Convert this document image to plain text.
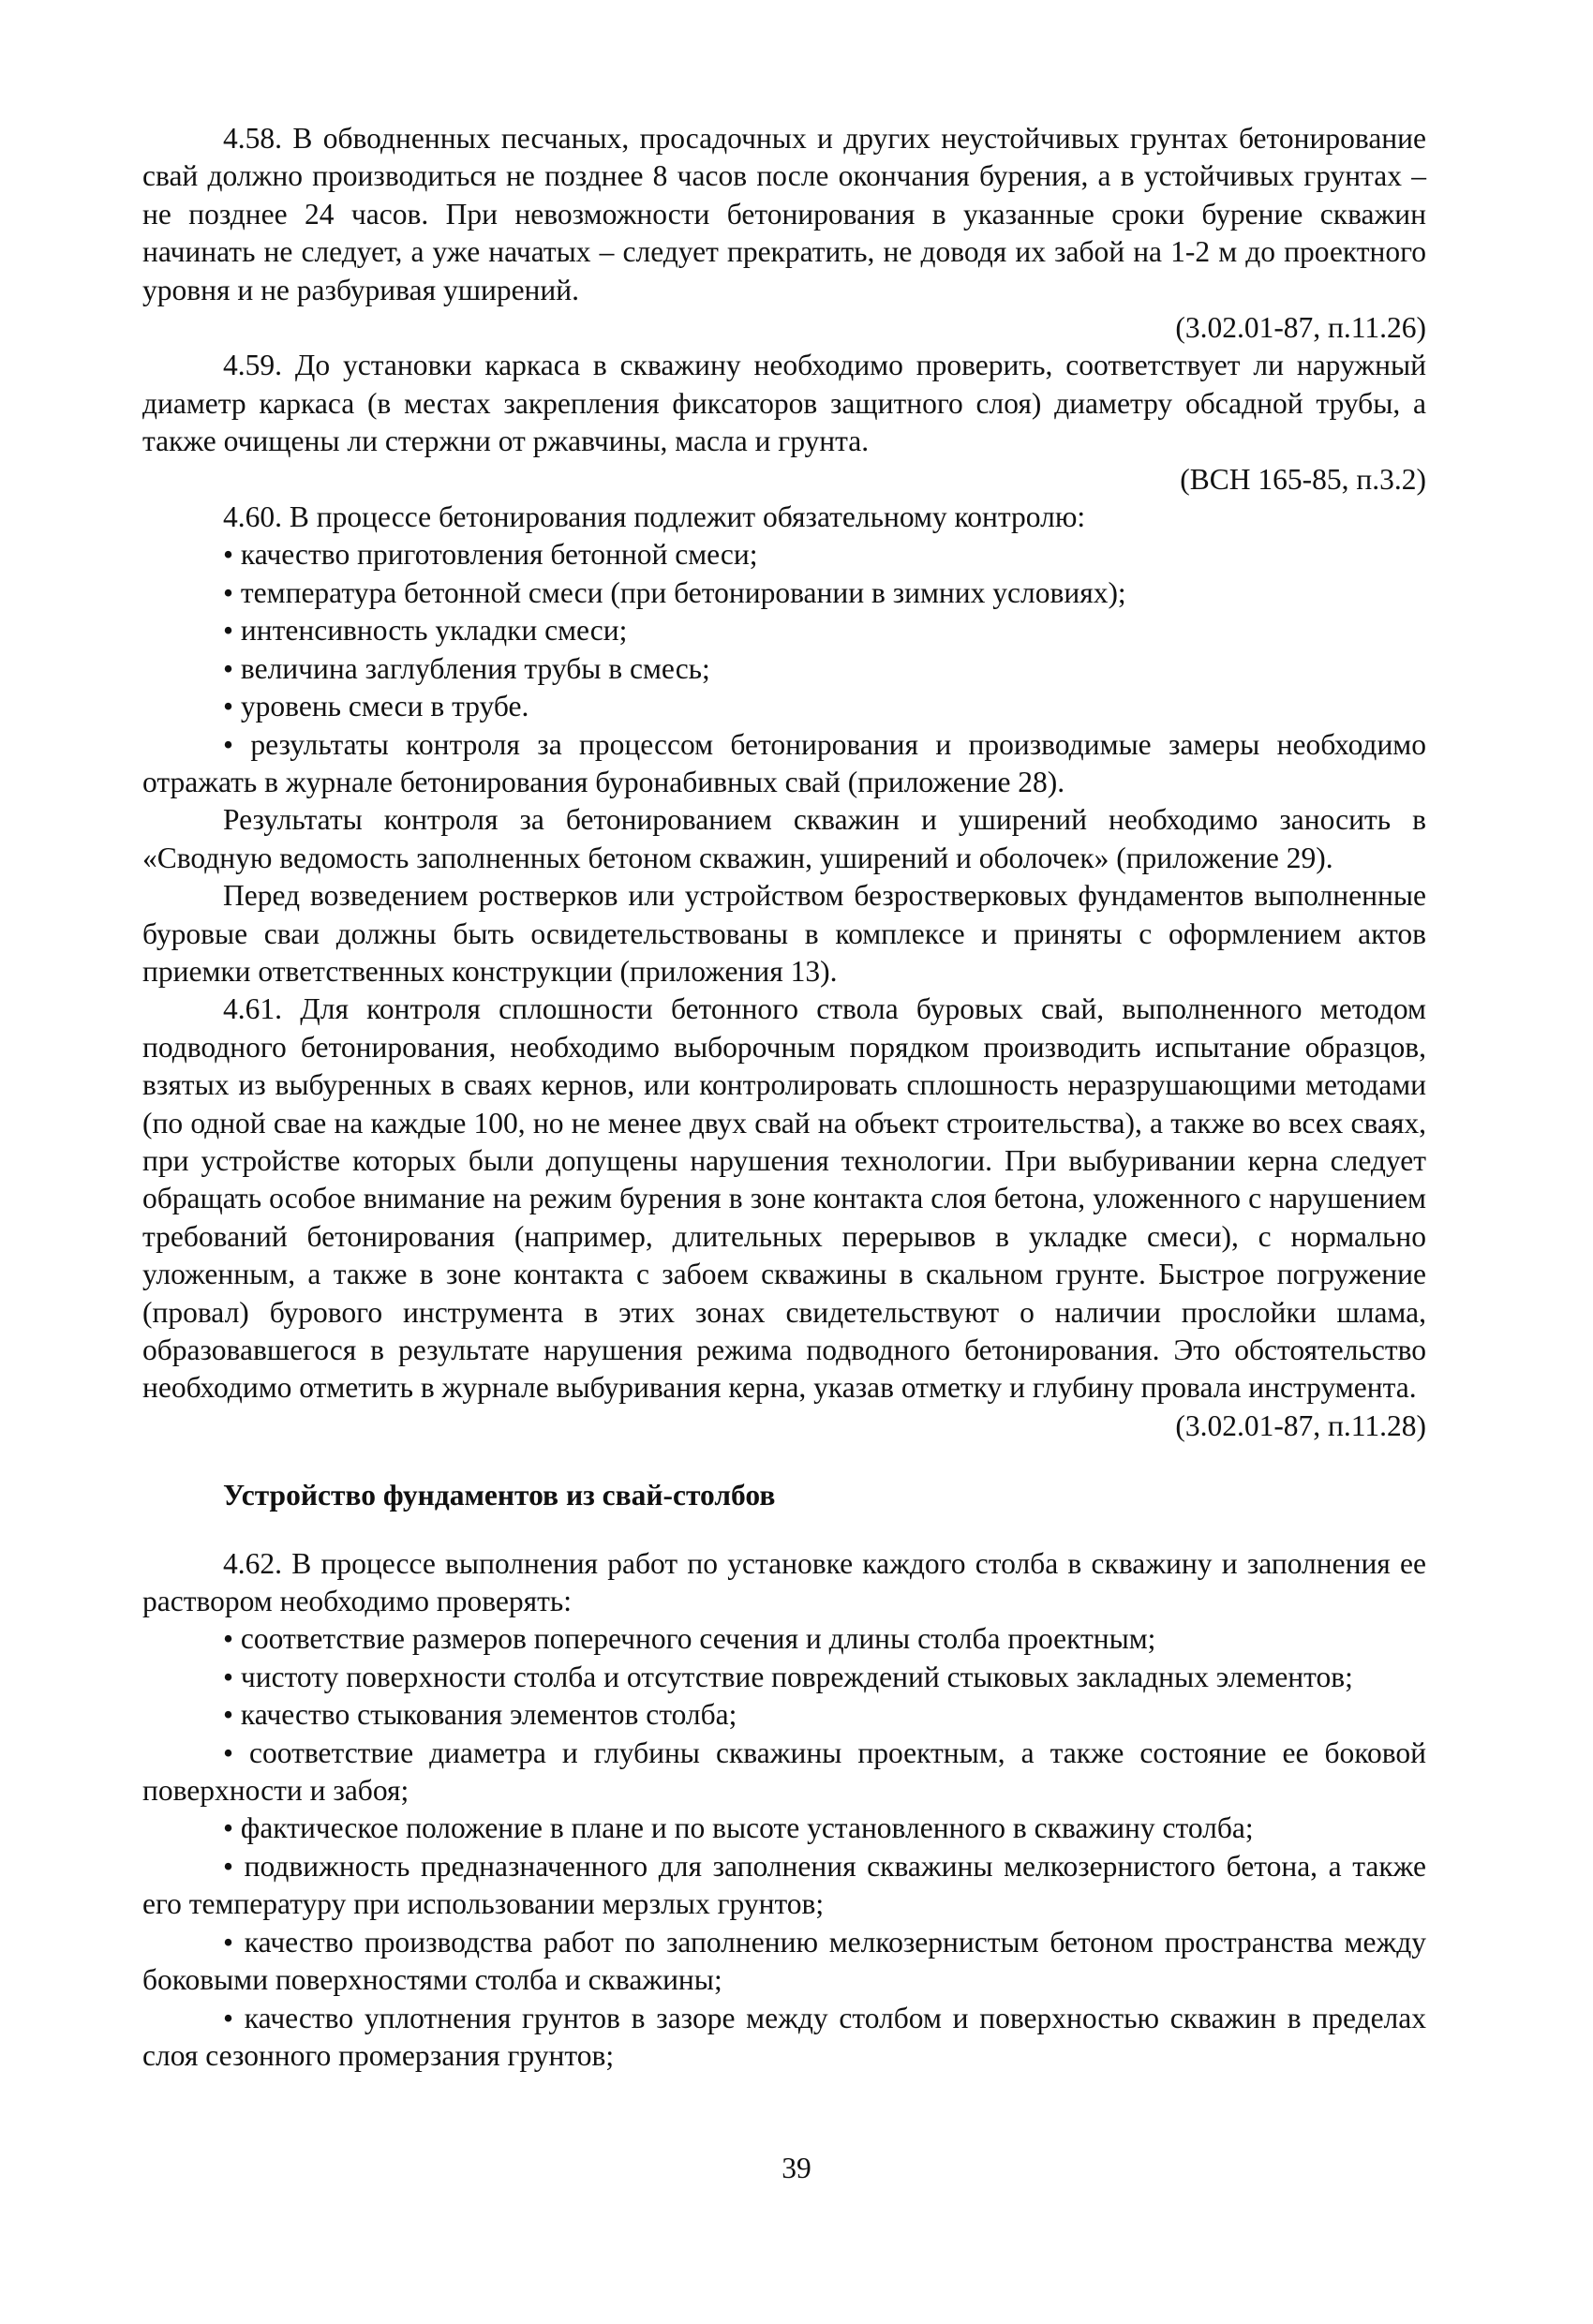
4.58. В обводненных песчаных, просадочных и других неустойчивых грунтах бетонирование свай должно производиться не позднее 8 часов после окончания бурения, а в устойчивых грунтах – не позднее 24 часов. При невозможности бетонирования в указанные сроки бурение скважин начинать не следует, а уже начатых – следует прекратить, не доводя их забой на 1-2 м до проектного уровня и не разбуривая уширений.

(3.02.01-87, п.11.26)

4.59. До установки каркаса в скважину необходимо проверить, соответствует ли наружный диаметр каркаса (в местах закрепления фиксаторов защитного слоя) диаметру обсадной трубы, а также очищены ли стержни от ржавчины, масла и грунта.

(ВСН 165-85, п.3.2)

4.60. В процессе бетонирования подлежит обязательному контролю:

• качество приготовления бетонной смеси;

• температура бетонной смеси (при бетонировании в зимних условиях);

• интенсивность укладки смеси;

• величина заглубления трубы в смесь;

• уровень смеси в трубе.

• результаты контроля за процессом бетонирования и производимые замеры необходимо отражать в журнале бетонирования буронабивных свай (приложение 28).

Результаты контроля за бетонированием скважин и уширений необходимо заносить в «Сводную ведомость заполненных бетоном скважин, уширений и оболочек» (приложение 29).

Перед возведением ростверков или устройством безростверковых фундаментов выполненные буровые сваи должны быть освидетельствованы в комплексе и приняты с оформлением актов приемки ответственных конструкции (приложения 13).

4.61. Для контроля сплошности бетонного ствола буровых свай, выполненного методом подводного бетонирования, необходимо выборочным порядком производить испытание образцов, взятых из выбуренных в сваях кернов, или контролировать сплошность неразрушающими методами (по одной свае на каждые 100, но не менее двух свай на объект строительства), а также во всех сваях, при устройстве которых были допущены нарушения технологии. При выбуривании керна следует обращать особое внимание на режим бурения в зоне контакта слоя бетона, уложенного с нарушением требований бетонирования (например, длительных перерывов в укладке смеси), с нормально уложенным, а также в зоне контакта с забоем скважины в скальном грунте. Быстрое погружение (провал) бурового инструмента в этих зонах свидетельствуют о наличии прослойки шлама, образовавшегося в результате нарушения режима подводного бетонирования. Это обстоятельство необходимо отметить в журнале выбуривания керна, указав отметку и глубину провала инструмента.

(3.02.01-87, п.11.28)

Устройство фундаментов из свай-столбов

4.62. В процессе выполнения работ по установке каждого столба в скважину и заполнения ее раствором необходимо проверять:

• соответствие размеров поперечного сечения и длины столба проектным;

• чистоту поверхности столба и отсутствие повреждений стыковых закладных элементов;

• качество стыкования элементов столба;

• соответствие диаметра и глубины скважины проектным, а также состояние ее боковой поверхности и забоя;

• фактическое положение в плане и по высоте установленного в скважину столба;

• подвижность предназначенного для заполнения скважины мелкозернистого бетона, а также его температуру при использовании мерзлых грунтов;

• качество производства работ по заполнению мелкозернистым бетоном пространства между боковыми поверхностями столба и скважины;

• качество уплотнения грунтов в зазоре между столбом и поверхностью скважин в пределах слоя сезонного промерзания грунтов;

39
